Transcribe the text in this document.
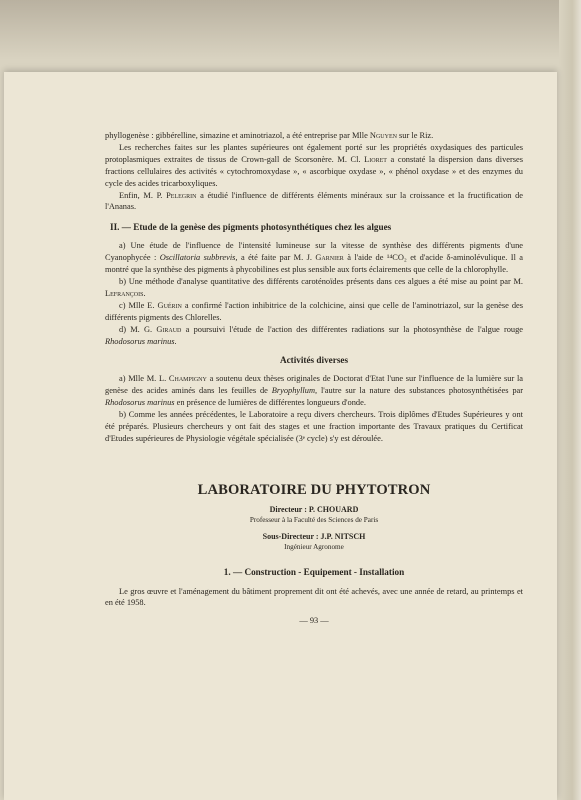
phyllogenèse : gibbérelline, simazine et aminotriazol, a été entreprise par Mlle Nguyen sur le Riz.

Les recherches faites sur les plantes supérieures ont également porté sur les propriétés oxydasiques des particules protoplasmiques extraites de tissus de Crown-gall de Scorsonère. M. Cl. Liorет a constaté la dispersion dans diverses fractions cellulaires des activités « cytochromoxydase », « ascorbique oxydase », « phénol oxydase » et des enzymes du cycle des acides tricarboxyliques.

Enfin, M. P. Pelegrin a étudié l'influence de différents éléments minéraux sur la croissance et la fructification de l'Ananas.

II. — Etude de la genèse des pigments photosynthétiques chez les algues

a) Une étude de l'influence de l'intensité lumineuse sur la vitesse de synthèse des différents pigments d'une Cyanophycée : Oscillatoria subbrevis, a été faite par M. J. Garnier à l'aide de ¹⁴CO₂ et d'acide δ-aminolévulique. Il a montré que la synthèse des pigments à phycobilines est plus sensible aux forts éclairements que celle de la chlorophylle.

b) Une méthode d'analyse quantitative des différents caroténoïdes présents dans ces algues a été mise au point par M. Lefrançois.

c) Mlle E. Guérin a confirmé l'action inhibitrice de la colchicine, ainsi que celle de l'aminotriazol, sur la genèse des différents pigments des Chlorelles.

d) M. G. Giraud a poursuivi l'étude de l'action des différentes radiations sur la photosynthèse de l'algue rouge Rhodosorus marinus.

Activités diverses

a) Mlle M. L. Champigny a soutenu deux thèses originales de Doctorat d'Etat l'une sur l'influence de la lumière sur la genèse des acides aminés dans les feuilles de Bryophyllum, l'autre sur la nature des substances photosynthétisées par Rhodosorus marinus en présence de lumières de différentes longueurs d'onde.

b) Comme les années précédentes, le Laboratoire a reçu divers chercheurs. Trois diplômes d'Etudes Supérieures y ont été préparés. Plusieurs chercheurs y ont fait des stages et une fraction importante des Travaux pratiques du Certificat d'Etudes supérieures de Physiologie végétale spécialisée (3ᵉ cycle) s'y est déroulée.

LABORATOIRE DU PHYTOTRON
Directeur : P. CHOUARD
Professeur à la Faculté des Sciences de Paris
Sous-Directeur : J.P. NITSCH
Ingénieur Agronome
1. — Construction - Equipement - Installation

Le gros œuvre et l'aménagement du bâtiment proprement dit ont été achevés, avec une année de retard, au printemps et en été 1958.

— 93 —
